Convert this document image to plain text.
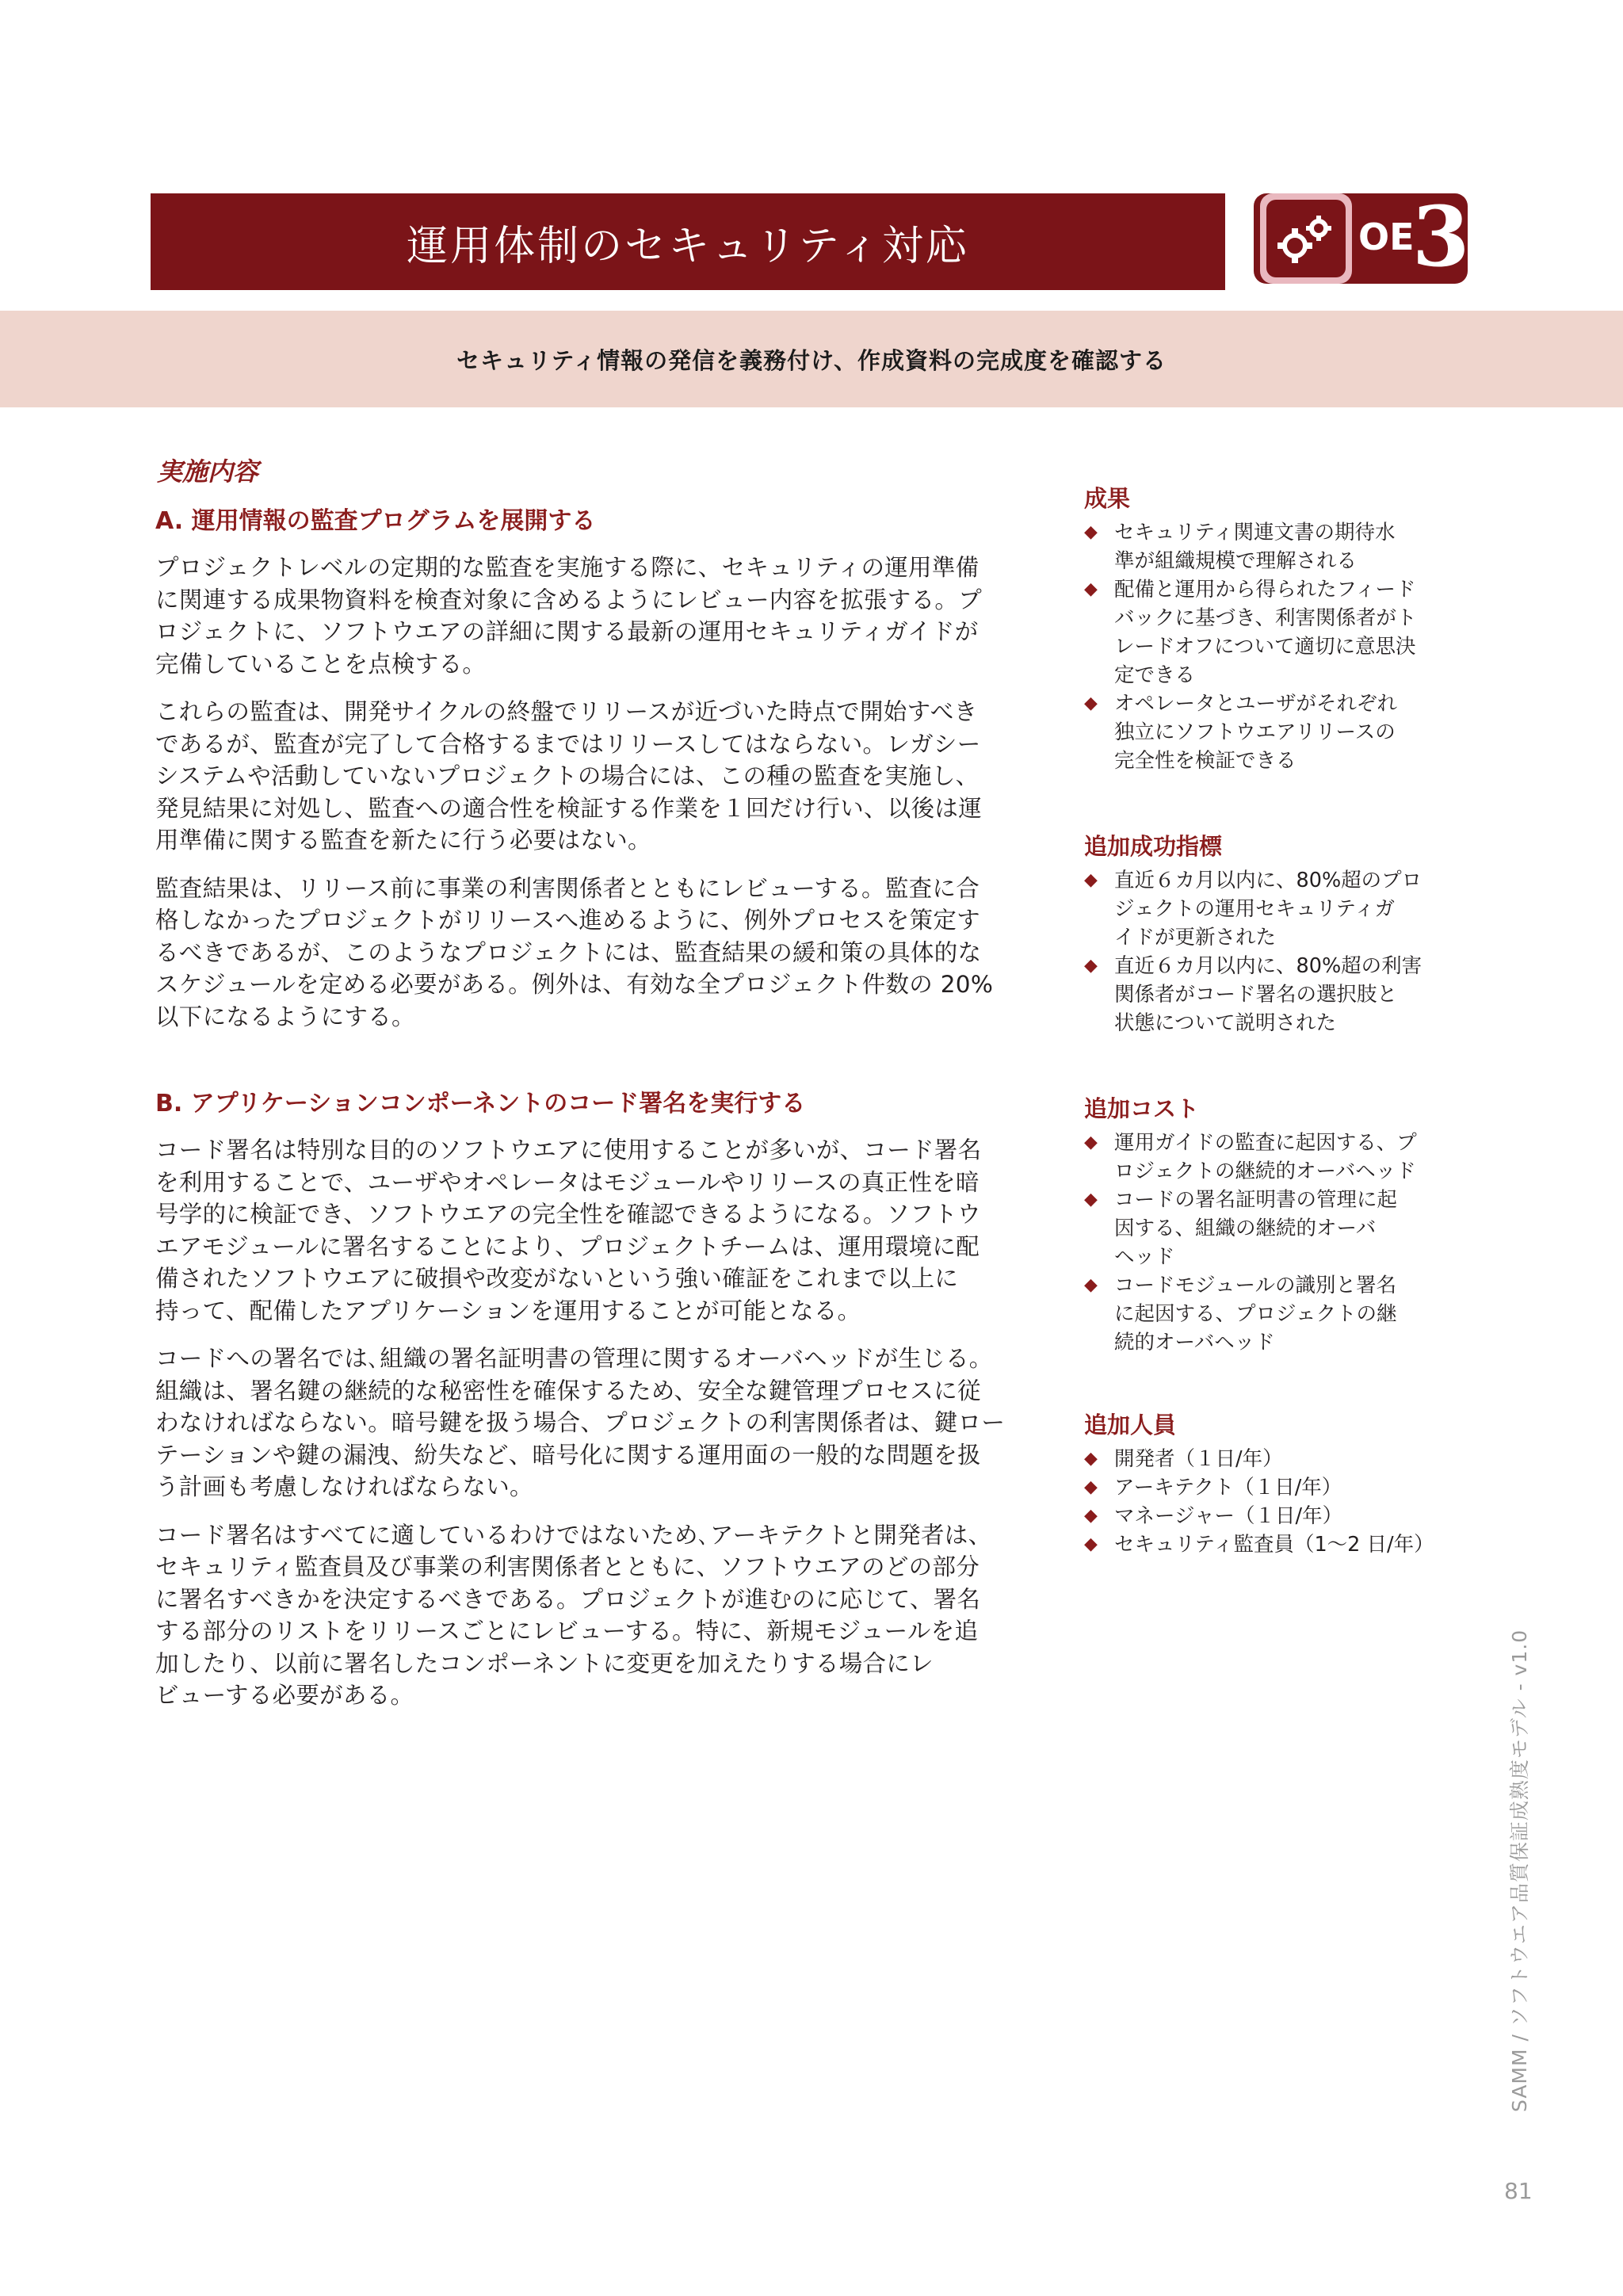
運用体制のセキュリティ対応	OE
3

セキュリティ情報の発信を義務付け、作成資料の完成度を確認する

実施内容
A. 運用情報の監査プログラムを展開する

プロジェクトレベルの定期的な監査を実施する際に、セキュリティの運用準備
に関連する成果物資料を検査対象に含めるようにレビュー内容を拡張する。プ
ロジェクトに、ソフトウエアの詳細に関する最新の運用セキュリティガイドが
完備していることを点検する。

これらの監査は、開発サイクルの終盤でリリースが近づいた時点で開始すべき
であるが、監査が完了して合格するまではリリースしてはならない。レガシー
システムや活動していないプロジェクトの場合には、この種の監査を実施し、
発見結果に対処し、監査への適合性を検証する作業を１回だけ行い、以後は運
用準備に関する監査を新たに行う必要はない。

監査結果は、リリース前に事業の利害関係者とともにレビューする。監査に合
格しなかったプロジェクトがリリースへ進めるように、例外プロセスを策定す
るべきであるが、このようなプロジェクトには、監査結果の緩和策の具体的な
スケジュールを定める必要がある。例外は、有効な全プロジェクト件数の 20%
以下になるようにする。

B. アプリケーションコンポーネントのコード署名を実行する

コード署名は特別な目的のソフトウエアに使用することが多いが、コード署名
を利用することで、ユーザやオペレータはモジュールやリリースの真正性を暗
号学的に検証でき、ソフトウエアの完全性を確認できるようになる。ソフトウ
エアモジュールに署名することにより、プロジェクトチームは、運用環境に配
備されたソフトウエアに破損や改変がないという強い確証をこれまで以上に
持って、配備したアプリケーションを運用することが可能となる。

コードへの署名では､組織の署名証明書の管理に関するオーバヘッドが生じる。
組織は、署名鍵の継続的な秘密性を確保するため、安全な鍵管理プロセスに従
わなければならない。暗号鍵を扱う場合、プロジェクトの利害関係者は、鍵ロー
テーションや鍵の漏洩、紛失など、暗号化に関する運用面の一般的な問題を扱
う計画も考慮しなければならない。

コード署名はすべてに適しているわけではないため､アーキテクトと開発者は、
セキュリティ監査員及び事業の利害関係者とともに、ソフトウエアのどの部分
に署名すべきかを決定するべきである。プロジェクトが進むのに応じて、署名
する部分のリストをリリースごとにレビューする。特に、新規モジュールを追
加したり、以前に署名したコンポーネントに変更を加えたりする場合にレ
ビューする必要がある。

成果
◆ セキュリティ関連文書の期待水
準が組織規模で理解される
◆ 配備と運用から得られたフィード
バックに基づき、利害関係者がト
レードオフについて適切に意思決
定できる
◆ オペレータとユーザがそれぞれ
独立にソフトウエアリリースの
完全性を検証できる
追加成功指標
◆ 直近６カ月以内に、80%超のプロ
ジェクトの運用セキュリティガ
イドが更新された
◆ 直近６カ月以内に、80%超の利害
関係者がコード署名の選択肢と
状態について説明された
追加コスト
◆ 運用ガイドの監査に起因する、プ
ロジェクトの継続的オーバヘッド
◆ コードの署名証明書の管理に起
因する、組織の継続的オーバ
ヘッド
◆ コードモジュールの識別と署名
に起因する、プロジェクトの継
続的オーバヘッド
追加人員
◆ 開発者（１日/年）
◆ アーキテクト（１日/年）
◆ マネージャー（１日/年）
◆ セキュリティ監査員（1～2 日/年）
SAMM / ソフトウエア品質保証成熟度モデル - v1.0
81
